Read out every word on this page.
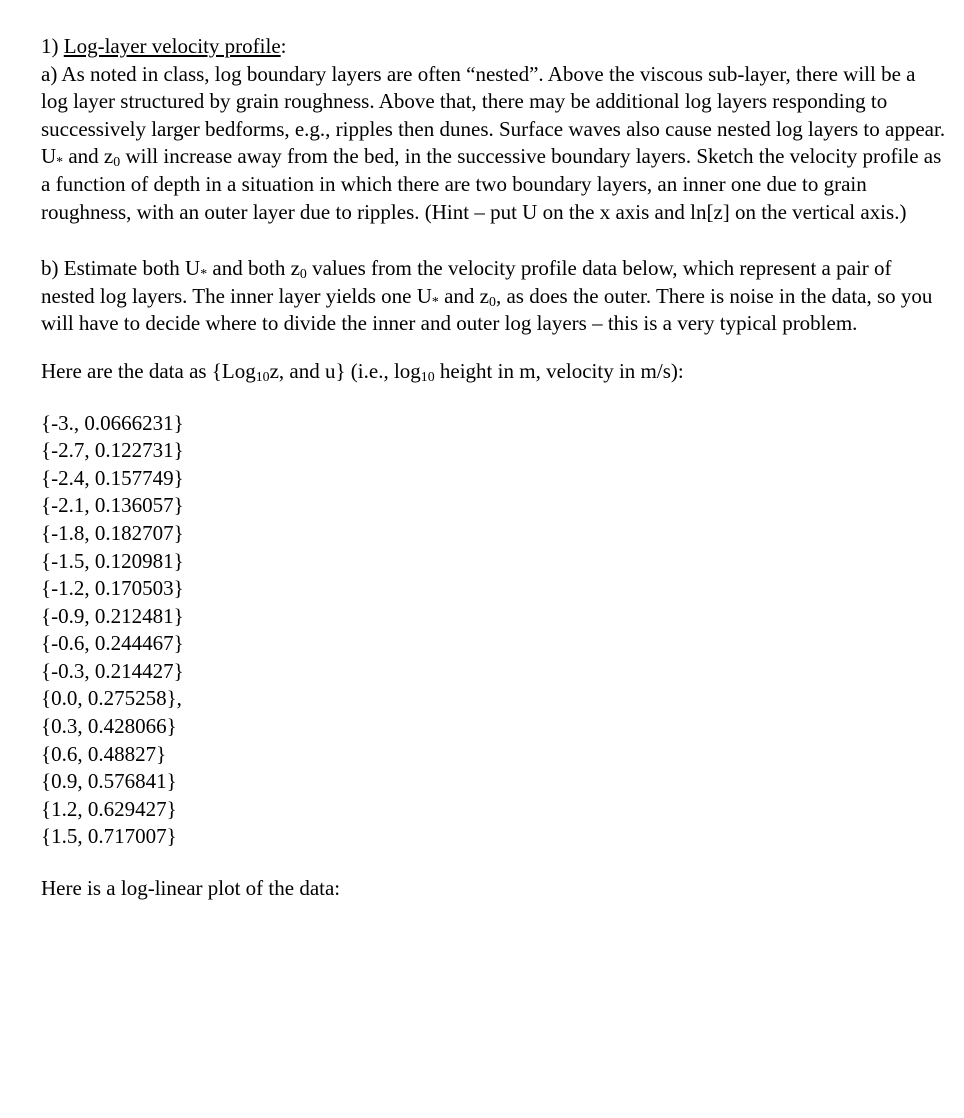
1) Log-layer velocity profile:

a) As noted in class, log boundary layers are often “nested”. Above the viscous sub-layer, there will be a log layer structured by grain roughness. Above that, there may be additional log layers responding to successively larger bedforms, e.g., ripples then dunes. Surface waves also cause nested log layers to appear. $U_*$ and $z_0$ will increase away from the bed, in the successive boundary layers. Sketch the velocity profile as a function of depth in a situation in which there are two boundary layers, an inner one due to grain roughness, with an outer layer due to ripples. (Hint – put U on the x axis and ln[z] on the vertical axis.)

b) Estimate both $U_*$ and both $z_0$ values from the velocity profile data below, which represent a pair of nested log layers. The inner layer yields one $U_*$ and $z_0$, as does the outer. There is noise in the data, so you will have to decide where to divide the inner and outer log layers – this is a very typical problem.

Here are the data as {Log$_{10}$z, and u} (i.e., $\log_{10}$ height in m, velocity in m/s):

{-3., 0.0666231}
{-2.7, 0.122731}
{-2.4, 0.157749}
{-2.1, 0.136057}
{-1.8, 0.182707}
{-1.5, 0.120981}
{-1.2, 0.170503}
{-0.9, 0.212481}
{-0.6, 0.244467}
{-0.3, 0.214427}
{0.0, 0.275258},
{0.3, 0.428066}
{0.6, 0.48827}
{0.9, 0.576841}
{1.2, 0.629427}
{1.5, 0.717007}

Here is a log-linear plot of the data:
